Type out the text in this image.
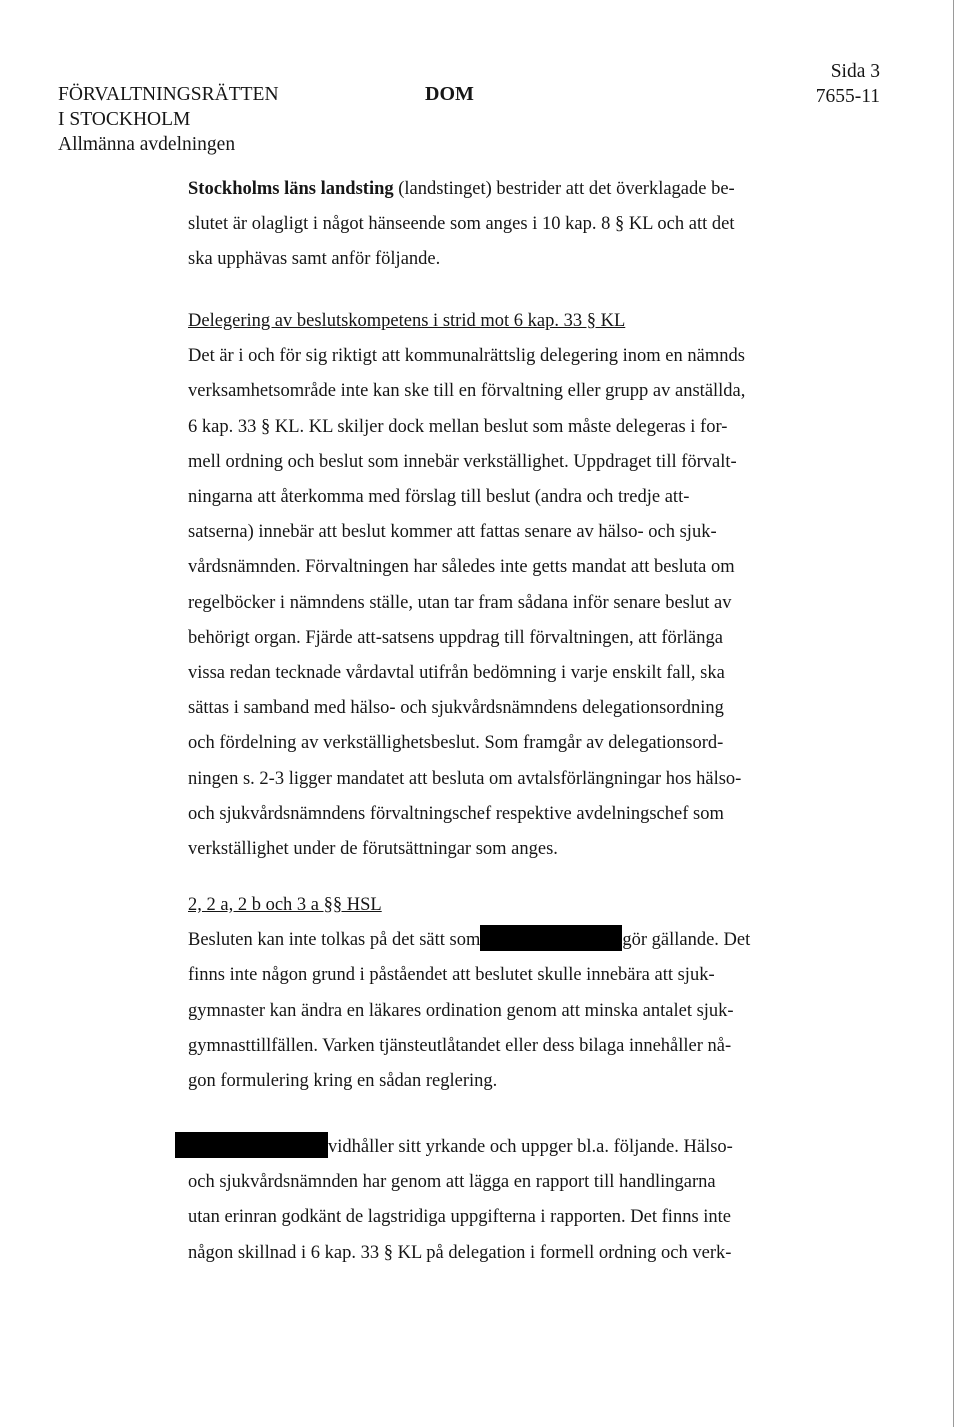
FÖRVALTNINGSRÄTTEN
I STOCKHOLM
Allmänna avdelningen
DOM
Sida 3
7655-11
Stockholms läns landsting (landstinget) bestrider att det överklagade be-
slutet är olagligt i något hänseende som anges i 10 kap. 8 § KL och att det
ska upphävas samt anför följande.
Delegering av beslutskompetens i strid mot 6 kap. 33 § KL
Det är i och för sig riktigt att kommunalrättslig delegering inom en nämnds
verksamhetsområde inte kan ske till en förvaltning eller grupp av anställda,
6 kap. 33 § KL. KL skiljer dock mellan beslut som måste delegeras i for-
mell ordning och beslut som innebär verkställighet. Uppdraget till förvalt-
ningarna att återkomma med förslag till beslut (andra och tredje att-
satserna) innebär att beslut kommer att fattas senare av hälso- och sjuk-
vårdsnämnden. Förvaltningen har således inte getts mandat att besluta om
regelböcker i nämndens ställe, utan tar fram sådana inför senare beslut av
behörigt organ. Fjärde att-satsens uppdrag till förvaltningen, att förlänga
vissa redan tecknade vårdavtal utifrån bedömning i varje enskilt fall, ska
sättas i samband med hälso- och sjukvårdsnämndens delegationsordning
och fördelning av verkställighetsbeslut. Som framgår av delegationsord-
ningen s. 2-3 ligger mandatet att besluta om avtalsförlängningar hos hälso-
och sjukvårdsnämndens förvaltningschef respektive avdelningschef som
verkställighet under de förutsättningar som anges.
2, 2 a, 2 b och 3 a §§ HSL
Besluten kan inte tolkas på det sätt som	gör gällande. Det
finns inte någon grund i påståendet att beslutet skulle innebära att sjuk-
gymnaster kan ändra en läkares ordination genom att minska antalet sjuk-
gymnasttillfällen. Varken tjänsteutlåtandet eller dess bilaga innehåller nå-
gon formulering kring en sådan reglering.
vidhåller sitt yrkande och uppger bl.a. följande. Hälso-
och sjukvårdsnämnden har genom att lägga en rapport till handlingarna
utan erinran godkänt de lagstridiga uppgifterna i rapporten. Det finns inte
någon skillnad i 6 kap. 33 § KL på delegation i formell ordning och verk-
